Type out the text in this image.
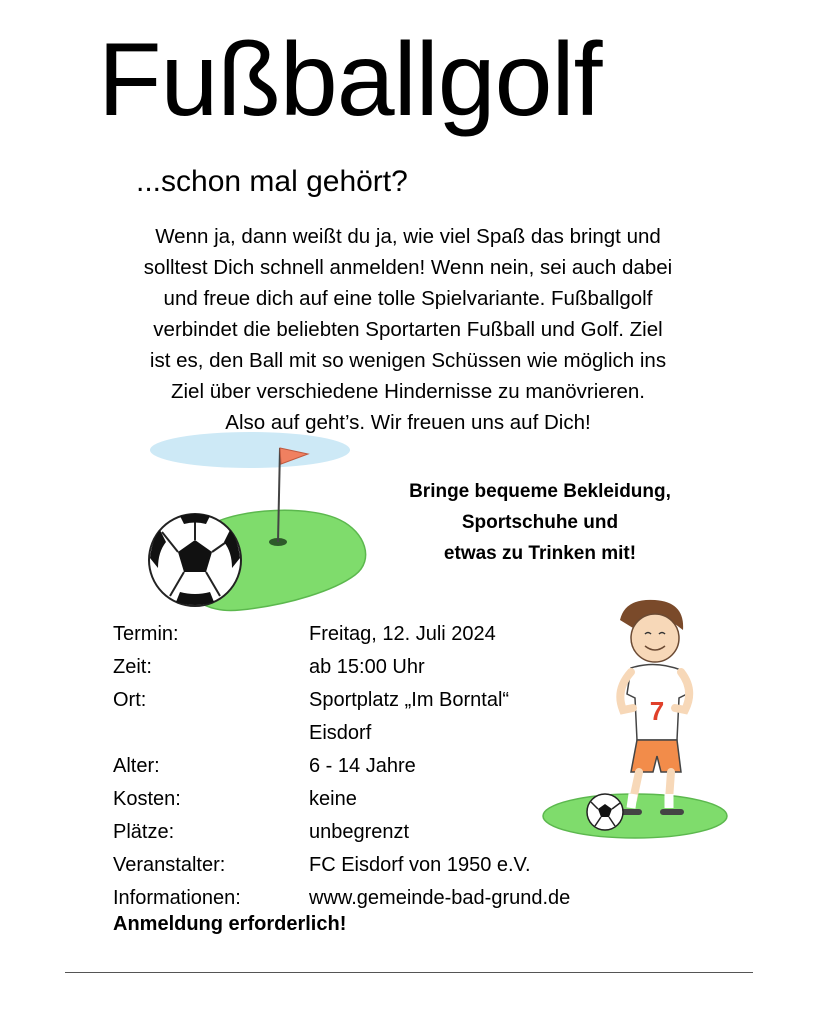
Fußballgolf
...schon mal gehört?
Wenn ja, dann weißt du ja, wie viel Spaß das bringt und
solltest Dich schnell anmelden! Wenn nein, sei auch dabei
und freue dich auf eine tolle Spielvariante. Fußballgolf
verbindet die beliebten Sportarten Fußball und Golf. Ziel
ist es, den Ball mit so wenigen Schüssen wie möglich ins
Ziel über verschiedene Hindernisse zu manövrieren.
Also auf geht’s. Wir freuen uns auf Dich!
Bringe bequeme Bekleidung,
Sportschuhe und
etwas zu Trinken mit!
7
Termin:	Freitag, 12. Juli 2024
Zeit:	ab 15:00 Uhr
Ort:	Sportplatz „Im Borntal“
Eisdorf
Alter:	6 - 14 Jahre
Kosten:	keine
Plätze:	unbegrenzt
Veranstalter:	FC Eisdorf von 1950 e.V.
Informationen:	www.gemeinde-bad-grund.de
Anmeldung erforderlich!
